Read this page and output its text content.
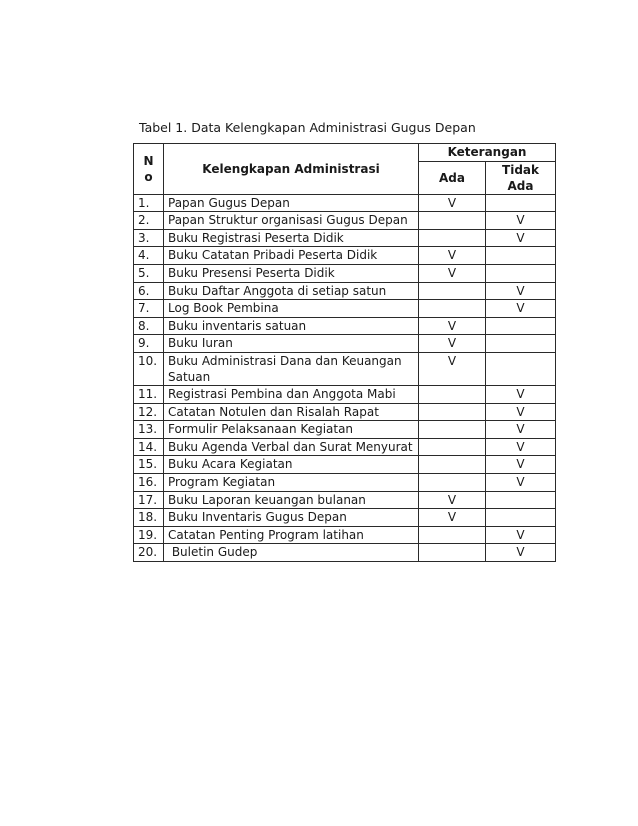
Tabel 1. Data Kelengkapan Administrasi Gugus Depan
N
o	Kelengkapan Administrasi	Keterangan	
		Ada	Tidak
Ada
1.	Papan Gugus Depan	V	
2.	Papan Struktur organisasi Gugus Depan		V
3.	Buku Registrasi Peserta Didik		V
4.	Buku Catatan Pribadi Peserta Didik	V	
5.	Buku Presensi Peserta Didik	V	
6.	Buku Daftar Anggota di setiap satun		V
7.	Log Book Pembina		V
8.	Buku inventaris satuan	V	
9.	Buku Iuran	V	
10.	Buku Administrasi Dana dan Keuangan
Satuan	V	
11.	Registrasi Pembina dan Anggota Mabi		V
12.	Catatan Notulen dan Risalah Rapat		V
13.	Formulir Pelaksanaan Kegiatan		V
14.	Buku Agenda Verbal dan Surat Menyurat		V
15.	Buku Acara Kegiatan		V
16.	Program Kegiatan		V
17.	Buku Laporan keuangan bulanan	V	
18.	Buku Inventaris Gugus Depan	V	
19.	Catatan Penting Program latihan		V
20.	Buletin Gudep		V
